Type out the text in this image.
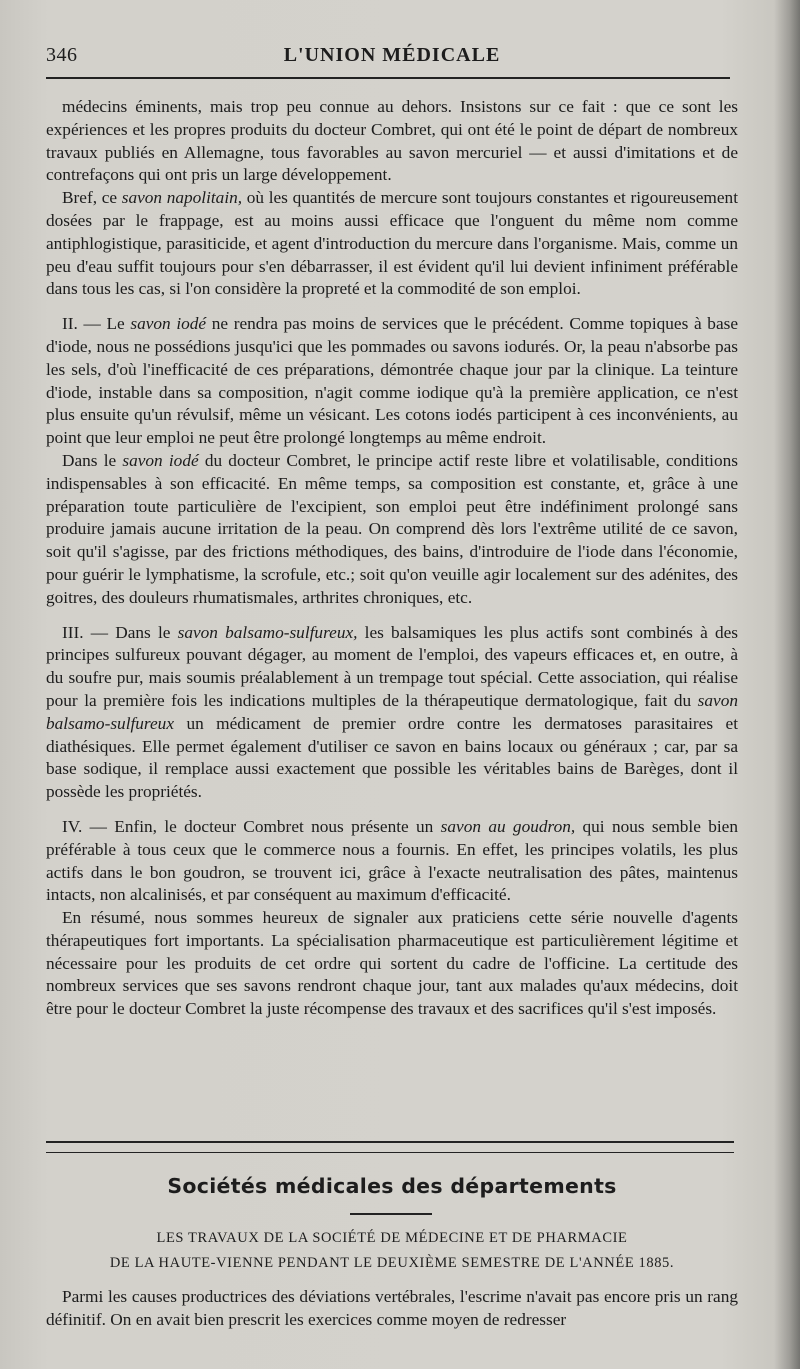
346	L'UNION MÉDICALE

médecins éminents, mais trop peu connue au dehors. Insistons sur ce fait : que ce sont les expériences et les propres produits du docteur Combret, qui ont été le point de départ de nombreux travaux publiés en Allemagne, tous favorables au savon mercuriel — et aussi d'imitations et de contrefaçons qui ont pris un large développement.

Bref, ce savon napolitain, où les quantités de mercure sont toujours constantes et rigoureusement dosées par le frappage, est au moins aussi efficace que l'onguent du même nom comme antiphlogistique, parasiticide, et agent d'introduction du mercure dans l'organisme. Mais, comme un peu d'eau suffit toujours pour s'en débarrasser, il est évident qu'il lui devient infiniment préférable dans tous les cas, si l'on considère la propreté et la commodité de son emploi.

II. — Le savon iodé ne rendra pas moins de services que le précédent. Comme topiques à base d'iode, nous ne possédions jusqu'ici que les pommades ou savons iodurés. Or, la peau n'absorbe pas les sels, d'où l'inefficacité de ces préparations, démontrée chaque jour par la clinique. La teinture d'iode, instable dans sa composition, n'agit comme iodique qu'à la première application, ce n'est plus ensuite qu'un révulsif, même un vésicant. Les cotons iodés participent à ces inconvénients, au point que leur emploi ne peut être prolongé longtemps au même endroit.

Dans le savon iodé du docteur Combret, le principe actif reste libre et volatilisable, conditions indispensables à son efficacité. En même temps, sa composition est constante, et, grâce à une préparation toute particulière de l'excipient, son emploi peut être indéfiniment prolongé sans produire jamais aucune irritation de la peau. On comprend dès lors l'extrême utilité de ce savon, soit qu'il s'agisse, par des frictions méthodiques, des bains, d'introduire de l'iode dans l'économie, pour guérir le lymphatisme, la scrofule, etc.; soit qu'on veuille agir localement sur des adénites, des goitres, des douleurs rhumatismales, arthrites chroniques, etc.

III. — Dans le savon balsamo-sulfureux, les balsamiques les plus actifs sont combinés à des principes sulfureux pouvant dégager, au moment de l'emploi, des vapeurs efficaces et, en outre, à du soufre pur, mais soumis préalablement à un trempage tout spécial. Cette association, qui réalise pour la première fois les indications multiples de la thérapeutique dermatologique, fait du savon balsamo-sulfureux un médicament de premier ordre contre les dermatoses parasitaires et diathésiques. Elle permet également d'utiliser ce savon en bains locaux ou généraux ; car, par sa base sodique, il remplace aussi exactement que possible les véritables bains de Barèges, dont il possède les propriétés.

IV. — Enfin, le docteur Combret nous présente un savon au goudron, qui nous semble bien préférable à tous ceux que le commerce nous a fournis. En effet, les principes volatils, les plus actifs dans le bon goudron, se trouvent ici, grâce à l'exacte neutralisation des pâtes, maintenus intacts, non alcalinisés, et par conséquent au maximum d'efficacité.

En résumé, nous sommes heureux de signaler aux praticiens cette série nouvelle d'agents thérapeutiques fort importants. La spécialisation pharmaceutique est particulièrement légitime et nécessaire pour les produits de cet ordre qui sortent du cadre de l'officine. La certitude des nombreux services que ses savons rendront chaque jour, tant aux malades qu'aux médecins, doit être pour le docteur Combret la juste récompense des travaux et des sacrifices qu'il s'est imposés.

Sociétés médicales des départements
LES TRAVAUX DE LA SOCIÉTÉ DE MÉDECINE ET DE PHARMACIE
DE LA HAUTE-VIENNE PENDANT LE DEUXIÈME SEMESTRE DE L'ANNÉE 1885.

Parmi les causes productrices des déviations vertébrales, l'escrime n'avait pas encore pris un rang définitif. On en avait bien prescrit les exercices comme moyen de redresser
